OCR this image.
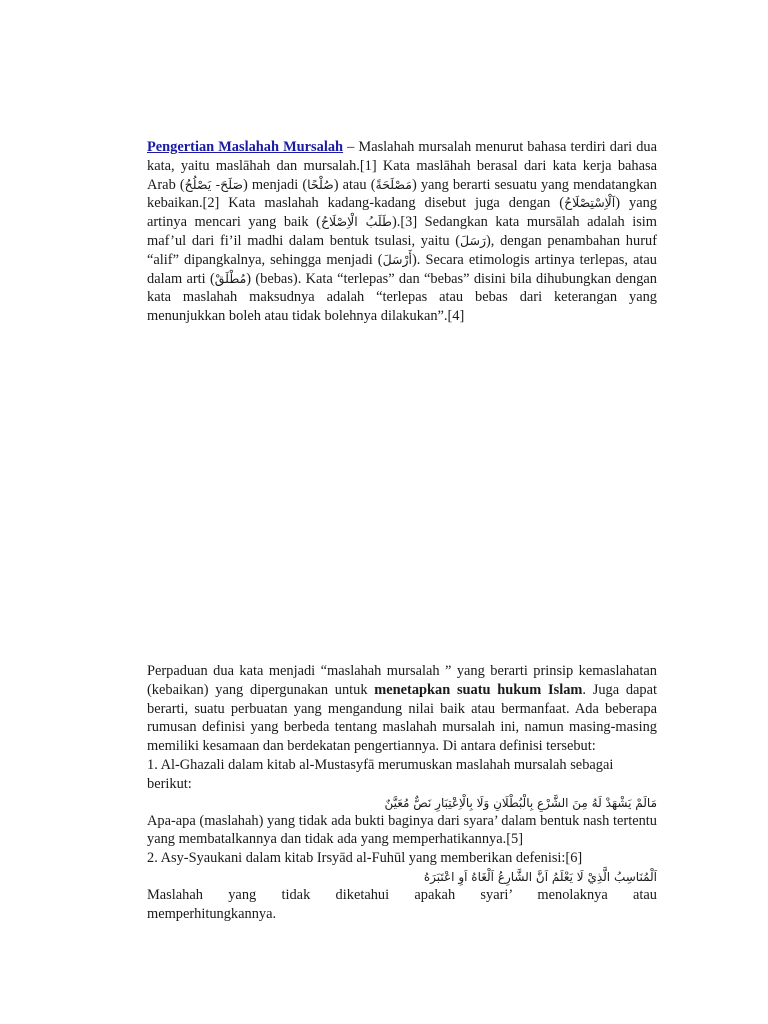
Pengertian Maslahah Mursalah – Maslahah mursalah menurut bahasa terdiri dari dua kata, yaitu maslāhah dan mursalah.[1] Kata maslāhah berasal dari kata kerja bahasa Arab (صَلَحَ- يَصْلُحُ) menjadi (صُلْحًا) atau (مَصْلَحَةً) yang berarti sesuatu yang mendatangkan kebaikan.[2] Kata maslahah kadang-kadang disebut juga dengan (اَلْاِسْتِصْلَاحُ) yang artinya mencari yang baik (طَلَبُ الْاِصْلَاحُ).[3] Sedangkan kata mursālah adalah isim maf’ul dari fi’il madhi dalam bentuk tsulasi, yaitu (رَسَلَ), dengan penambahan huruf “alif” dipangkalnya, sehingga menjadi (أَرْسَلَ). Secara etimologis artinya terlepas, atau dalam arti (مُطْلَقْ) (bebas). Kata “terlepas” dan “bebas” disini bila dihubungkan dengan kata maslahah maksudnya adalah “terlepas atau bebas dari keterangan yang menunjukkan boleh atau tidak bolehnya dilakukan”.[4]

Perpaduan dua kata menjadi “maslahah mursalah ” yang berarti prinsip kemaslahatan (kebaikan) yang dipergunakan untuk menetapkan suatu hukum Islam. Juga dapat berarti, suatu perbuatan yang mengandung nilai baik atau bermanfaat. Ada beberapa rumusan definisi yang berbeda tentang maslahah mursalah ini, namun masing-masing memiliki kesamaan dan berdekatan pengertiannya. Di antara definisi tersebut:

1. Al-Ghazali dalam kitab al-Mustasyfā merumuskan maslahah mursalah sebagai berikut:

مَالَمْ يَشْهَدْ لَهُ مِنَ الشَّرْعِ بِالْبُطْلَانِ وَلَا بِالْاِعْتِبَارِ نَصٌّ مُعَيَّنٌ

Apa-apa (maslahah) yang tidak ada bukti baginya dari syara’ dalam bentuk nash tertentu yang membatalkannya dan tidak ada yang memperhatikannya.[5]

2. Asy-Syaukani dalam kitab Irsyād al-Fuhūl yang memberikan defenisi:[6]

اَلْمُنَاسِبُ الَّذِيْ لَا يَعْلَمُ اَنَّ الشَّارِعُ اَلْغَاهُ اَوِ اعْتَبَرَهُ

Maslahah yang tidak diketahui apakah syari’ menolaknya atau

memperhitungkannya.
